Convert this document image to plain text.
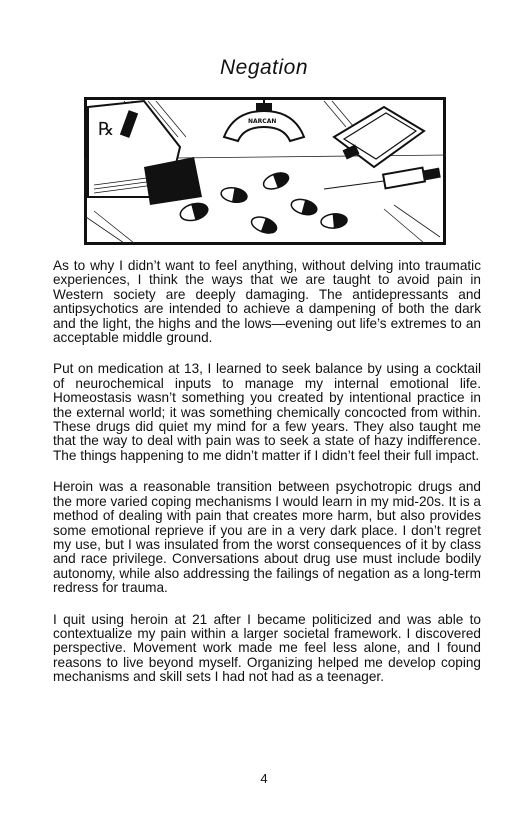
Negation
℞	NARCAN

As to why I didn’t want to feel anything, without delving into traumatic experiences, I think the ways that we are taught to avoid pain in Western society are deeply damaging. The antidepressants and antipsychotics are intended to achieve a dampening of both the dark and the light, the highs and the lows—evening out life’s extremes to an acceptable middle ground.

Put on medication at 13, I learned to seek balance by using a cocktail of neurochemical inputs to manage my internal emotional life. Homeostasis wasn’t something you created by intentional practice in the external world; it was something chemically concocted from within. These drugs did quiet my mind for a few years. They also taught me that the way to deal with pain was to seek a state of hazy indifference. The things happening to me didn’t matter if I didn’t feel their full impact.

Heroin was a reasonable transition between psychotropic drugs and the more varied coping mechanisms I would learn in my mid-20s. It is a method of dealing with pain that creates more harm, but also provides some emotional reprieve if you are in a very dark place. I don’t regret my use, but I was insulated from the worst consequences of it by class and race privilege. Conversations about drug use must include bodily autonomy, while also addressing the failings of negation as a long-term redress for trauma.

I quit using heroin at 21 after I became politicized and was able to contextualize my pain within a larger societal framework. I discovered perspective. Movement work made me feel less alone, and I found reasons to live beyond myself. Organizing helped me develop coping mechanisms and skill sets I had not had as a teenager.

4
